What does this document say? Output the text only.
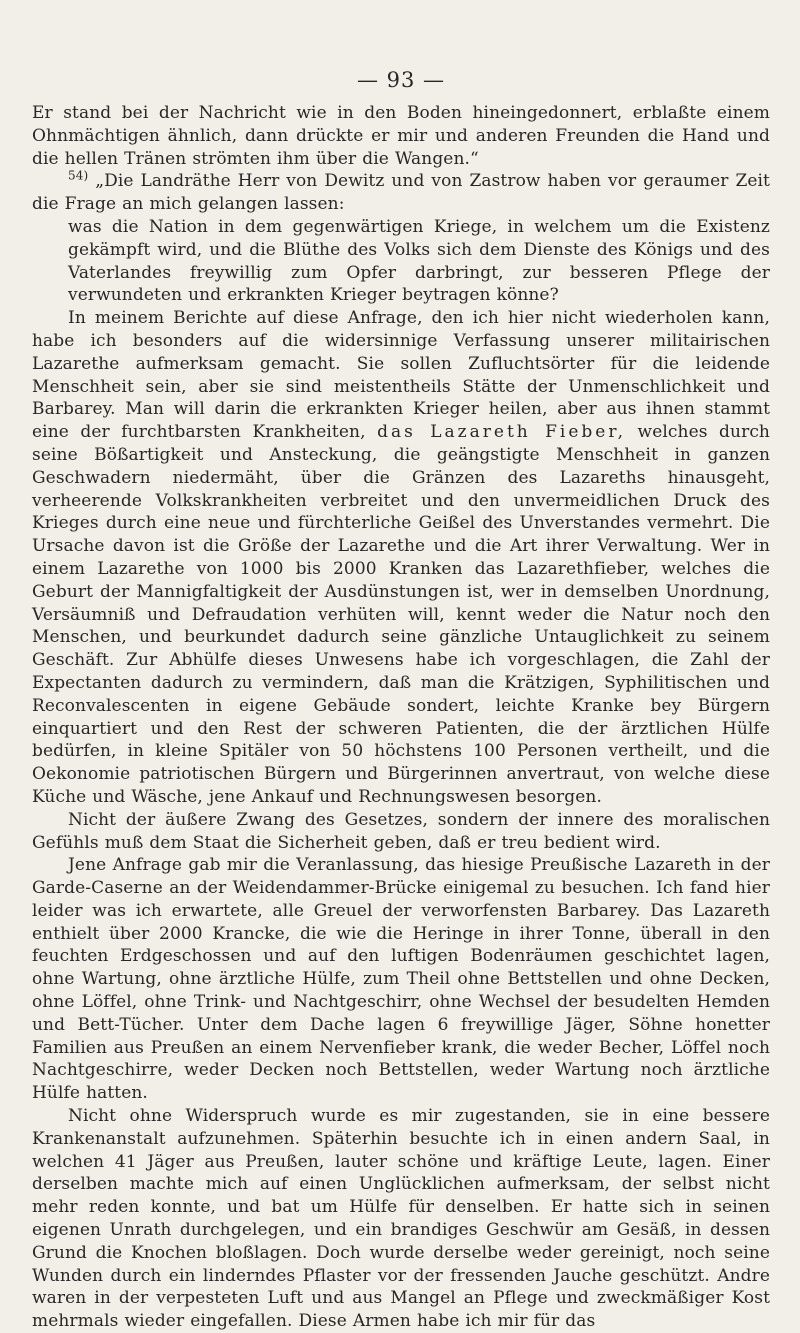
— 93 —

Er stand bei der Nachricht wie in den Boden hineingedonnert, erblaßte einem Ohnmächtigen ähnlich, dann drückte er mir und anderen Freunden die Hand und die hellen Tränen strömten ihm über die Wangen.“

$^{54)}$ „Die Landräthe Herr von Dewitz und von Zastrow haben vor geraumer Zeit die Frage an mich gelangen lassen:

was die Nation in dem gegenwärtigen Kriege, in welchem um die Existenz gekämpft wird, und die Blüthe des Volks sich dem Dienste des Königs und des Vaterlandes freywillig zum Opfer darbringt, zur besseren Pflege der verwundeten und erkrankten Krieger beytragen könne?

In meinem Berichte auf diese Anfrage, den ich hier nicht wiederholen kann, habe ich besonders auf die widersinnige Verfassung unserer militairischen Lazarethe aufmerksam gemacht. Sie sollen Zufluchtsörter für die leidende Menschheit sein, aber sie sind meistentheils Stätte der Unmenschlichkeit und Barbarey. Man will darin die erkrankten Krieger heilen, aber aus ihnen stammt eine der furchtbarsten Krankheiten, das Lazareth Fieber, welches durch seine Bößartigkeit und Ansteckung, die geängstigte Menschheit in ganzen Geschwadern niedermäht, über die Gränzen des Lazareths hinausgeht, verheerende Volkskrankheiten verbreitet und den unvermeidlichen Druck des Krieges durch eine neue und fürchterliche Geißel des Unverstandes vermehrt. Die Ursache davon ist die Größe der Lazarethe und die Art ihrer Verwaltung. Wer in einem Lazarethe von 1000 bis 2000 Kranken das Lazarethfieber, welches die Geburt der Mannigfaltigkeit der Ausdünstungen ist, wer in demselben Unordnung, Versäumniß und Defraudation verhüten will, kennt weder die Natur noch den Menschen, und beurkundet dadurch seine gänzliche Untauglichkeit zu seinem Geschäft. Zur Abhülfe dieses Unwesens habe ich vorgeschlagen, die Zahl der Expectanten dadurch zu vermindern, daß man die Krätzigen, Syphilitischen und Reconvalescenten in eigene Gebäude sondert, leichte Kranke bey Bürgern einquartiert und den Rest der schweren Patienten, die der ärztlichen Hülfe bedürfen, in kleine Spitäler von 50 höchstens 100 Personen vertheilt, und die Oekonomie patriotischen Bürgern und Bürgerinnen anvertraut, von welche diese Küche und Wäsche, jene Ankauf und Rechnungswesen besorgen.

Nicht der äußere Zwang des Gesetzes, sondern der innere des moralischen Gefühls muß dem Staat die Sicherheit geben, daß er treu bedient wird.

Jene Anfrage gab mir die Veranlassung, das hiesige Preußische Lazareth in der Garde-Caserne an der Weidendammer-Brücke einigemal zu besuchen. Ich fand hier leider was ich erwartete, alle Greuel der verworfensten Barbarey. Das Lazareth enthielt über 2000 Krancke, die wie die Heringe in ihrer Tonne, überall in den feuchten Erdgeschossen und auf den luftigen Bodenräumen geschichtet lagen, ohne Wartung, ohne ärztliche Hülfe, zum Theil ohne Bettstellen und ohne Decken, ohne Löffel, ohne Trink- und Nachtgeschirr, ohne Wechsel der besudelten Hemden und Bett-Tücher. Unter dem Dache lagen 6 freywillige Jäger, Söhne honetter Familien aus Preußen an einem Nervenfieber krank, die weder Becher, Löffel noch Nachtgeschirre, weder Decken noch Bettstellen, weder Wartung noch ärztliche Hülfe hatten.

Nicht ohne Widerspruch wurde es mir zugestanden, sie in eine bessere Krankenanstalt aufzunehmen. Späterhin besuchte ich in einen andern Saal, in welchen 41 Jäger aus Preußen, lauter schöne und kräftige Leute, lagen. Einer derselben machte mich auf einen Unglücklichen aufmerksam, der selbst nicht mehr reden konnte, und bat um Hülfe für denselben. Er hatte sich in seinen eigenen Unrath durchgelegen, und ein brandiges Geschwür am Gesäß, in dessen Grund die Knochen bloßlagen. Doch wurde derselbe weder gereinigt, noch seine Wunden durch ein linderndes Pflaster vor der fressenden Jauche geschützt. Andre waren in der verpesteten Luft und aus Mangel an Pflege und zweckmäßiger Kost mehrmals wieder eingefallen. Diese Armen habe ich mir für das
